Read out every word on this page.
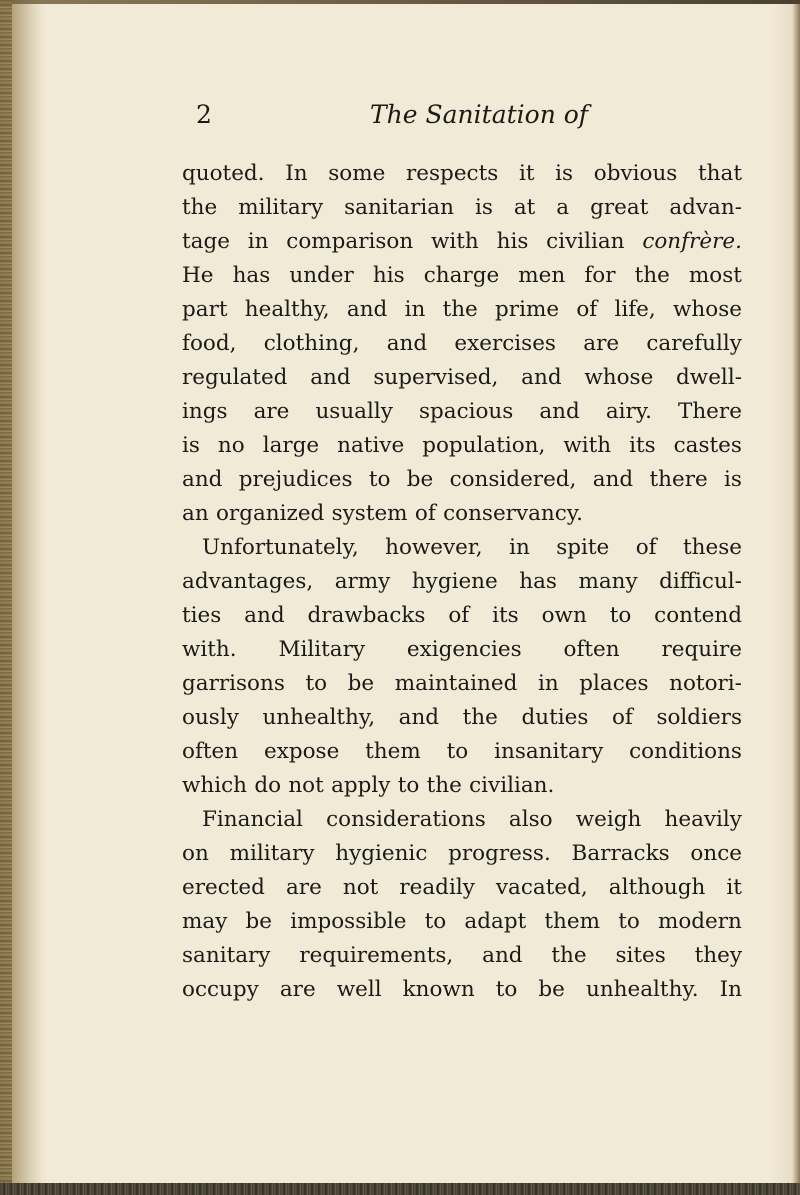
2	The Sanitation of
quoted. In some respects it is obvious that
the military sanitarian is at a great advan-
tage in comparison with his civilian confrère.
He has under his charge men for the most
part healthy, and in the prime of life, whose
food, clothing, and exercises are carefully
regulated and supervised, and whose dwell-
ings are usually spacious and airy. There
is no large native population, with its castes
and prejudices to be considered, and there is
an organized system of conservancy.
Unfortunately, however, in spite of these
advantages, army hygiene has many difficul-
ties and drawbacks of its own to contend
with. Military exigencies often require
garrisons to be maintained in places notori-
ously unhealthy, and the duties of soldiers
often expose them to insanitary conditions
which do not apply to the civilian.
Financial considerations also weigh heavily
on military hygienic progress. Barracks once
erected are not readily vacated, although it
may be impossible to adapt them to modern
sanitary requirements, and the sites they
occupy are well known to be unhealthy. In
